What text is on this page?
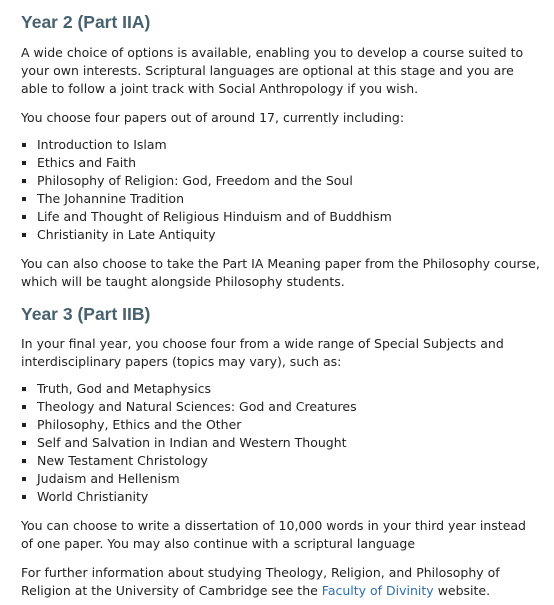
Year 2 (Part IIA)

A wide choice of options is available, enabling you to develop a course suited to your own interests. Scriptural languages are optional at this stage and you are able to follow a joint track with Social Anthropology if you wish.

You choose four papers out of around 17, currently including:

Introduction to Islam
Ethics and Faith
Philosophy of Religion: God, Freedom and the Soul
The Johannine Tradition
Life and Thought of Religious Hinduism and of Buddhism
Christianity in Late Antiquity

You can also choose to take the Part IA Meaning paper from the Philosophy course, which will be taught alongside Philosophy students.

Year 3 (Part IIB)

In your final year, you choose four from a wide range of Special Subjects and interdisciplinary papers (topics may vary), such as:

Truth, God and Metaphysics
Theology and Natural Sciences: God and Creatures
Philosophy, Ethics and the Other
Self and Salvation in Indian and Western Thought
New Testament Christology
Judaism and Hellenism
World Christianity

You can choose to write a dissertation of 10,000 words in your third year instead of one paper. You may also continue with a scriptural language

For further information about studying Theology, Religion, and Philosophy of Religion at the University of Cambridge see the Faculty of Divinity website.
